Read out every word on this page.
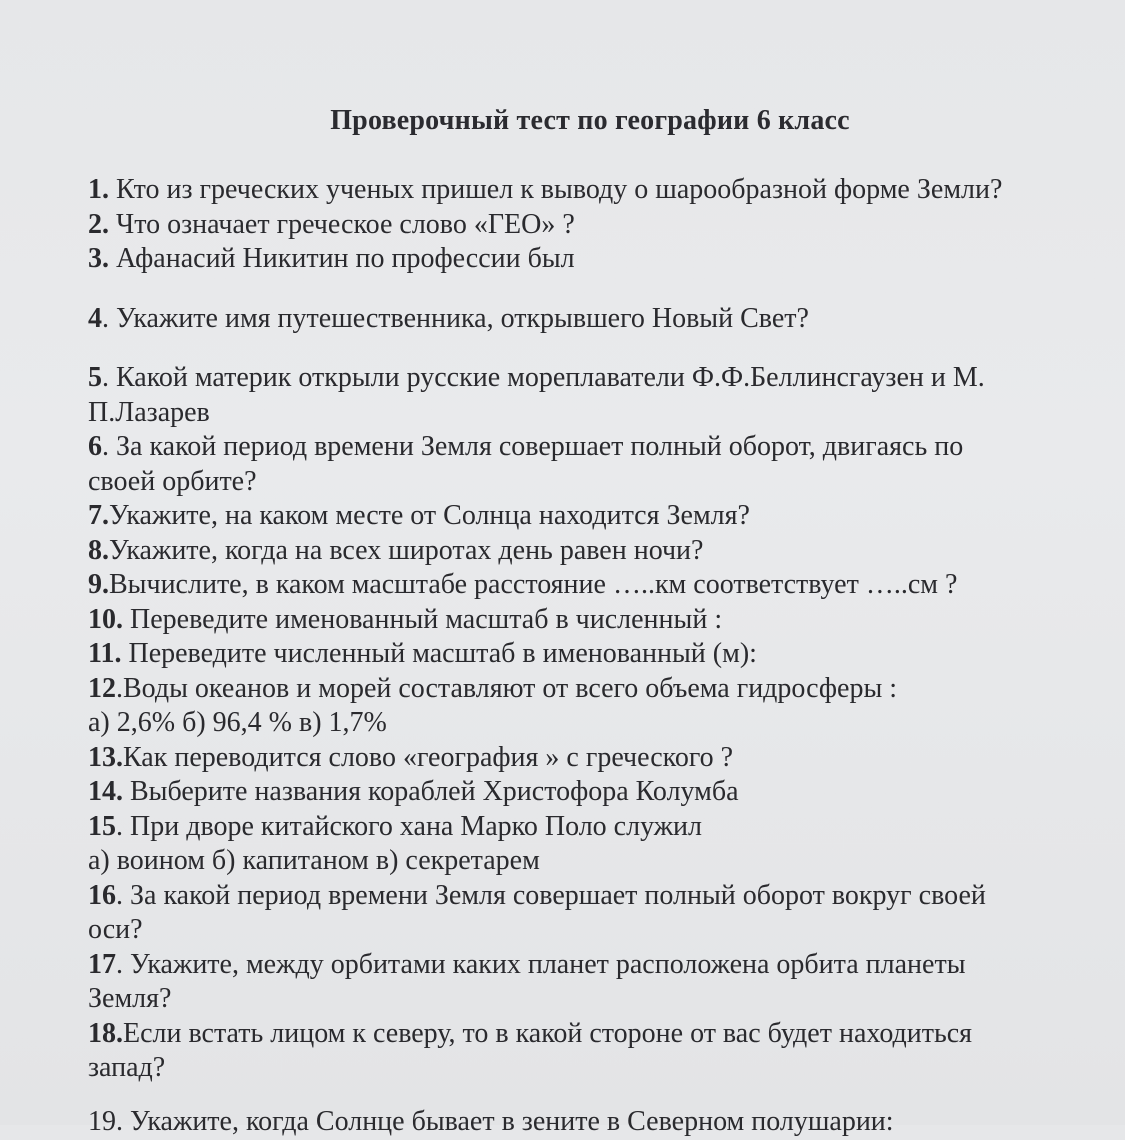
Проверочный тест по географии 6 класс
1. Кто из греческих ученых пришел к выводу о шарообразной форме Земли?
2. Что означает греческое слово «ГЕО» ?
3. Афанасий Никитин по профессии был
4. Укажите имя путешественника, открывшего Новый Свет?
5. Какой материк открыли русские мореплаватели Ф.Ф.Беллинсгаузен и М.
П.Лазарев
6. За какой период времени Земля совершает полный оборот, двигаясь по
своей орбите?
7.Укажите, на каком месте от Солнца находится Земля?
8.Укажите, когда на всех широтах день равен ночи?
9.Вычислите, в каком масштабе расстояние …..км соответствует …..см ?
10. Переведите именованный масштаб в численный :
11. Переведите численный масштаб в именованный (м):
12.Воды океанов и морей составляют от всего объема гидросферы :
а) 2,6% б) 96,4 % в) 1,7%
13.Как переводится слово «география » с греческого ?
14. Выберите названия кораблей Христофора Колумба
15. При дворе китайского хана Марко Поло служил
а) воином б) капитаном в) секретарем
16. За какой период времени Земля совершает полный оборот вокруг своей
оси?
17. Укажите, между орбитами каких планет расположена орбита планеты
Земля?
18.Если встать лицом к северу, то в какой стороне от вас будет находиться
запад?
19. Укажите, когда Солнце бывает в зените в Северном полушарии:
